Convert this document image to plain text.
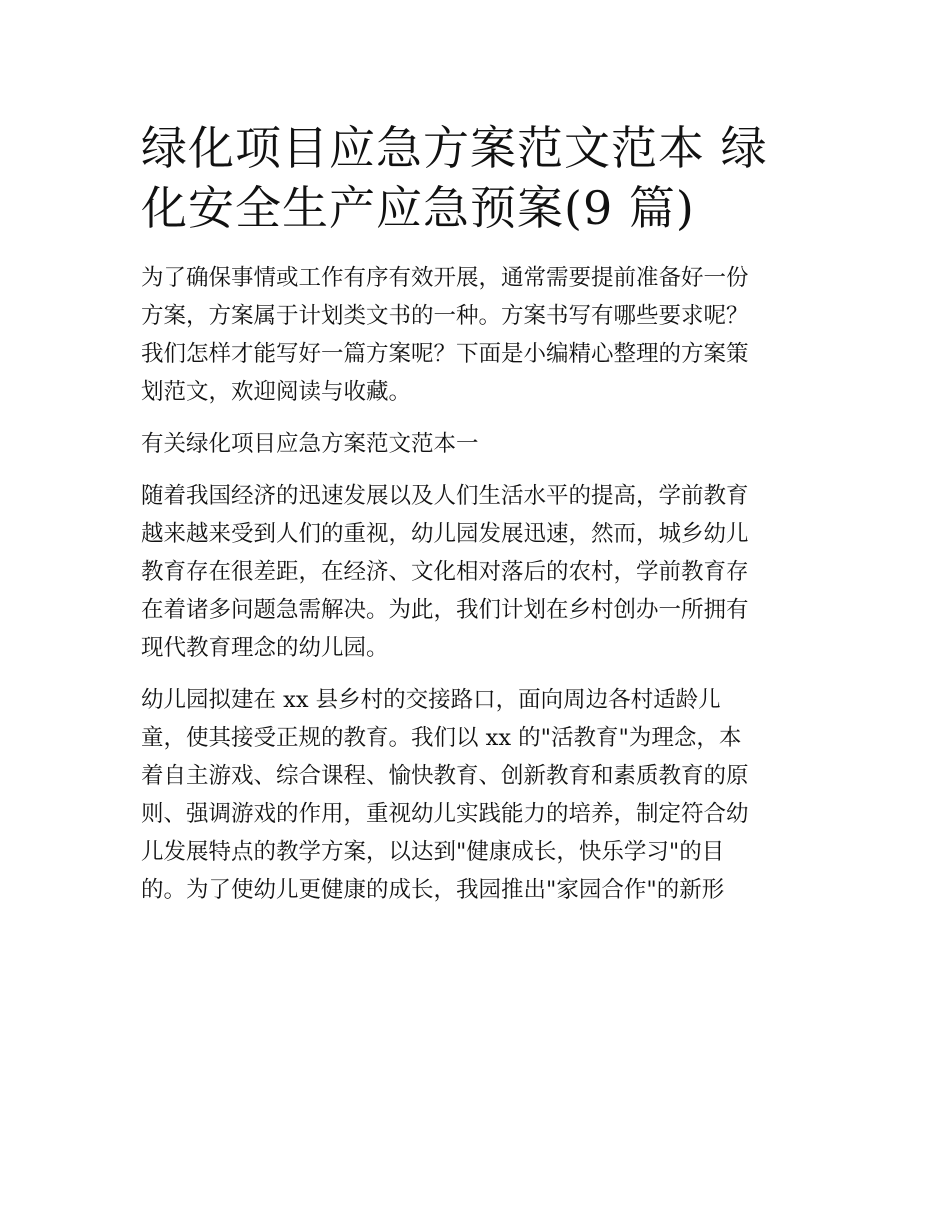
绿化项目应急方案范文范本 绿
化安全生产应急预案(9 篇)

为了确保事情或工作有序有效开展，通常需要提前准备好一份
方案，方案属于计划类文书的一种。方案书写有哪些要求呢？
我们怎样才能写好一篇方案呢？下面是小编精心整理的方案策
划范文，欢迎阅读与收藏。

有关绿化项目应急方案范文范本一

随着我国经济的迅速发展以及人们生活水平的提高，学前教育
越来越来受到人们的重视，幼儿园发展迅速，然而，城乡幼儿
教育存在很差距，在经济、文化相对落后的农村，学前教育存
在着诸多问题急需解决。为此，我们计划在乡村创办一所拥有
现代教育理念的幼儿园。

幼儿园拟建在 xx 县乡村的交接路口，面向周边各村适龄儿
童，使其接受正规的教育。我们以 xx 的"活教育"为理念，本
着自主游戏、综合课程、愉快教育、创新教育和素质教育的原
则、强调游戏的作用，重视幼儿实践能力的培养，制定符合幼
儿发展特点的教学方案，以达到"健康成长，快乐学习"的目
的。为了使幼儿更健康的成长，我园推出"家园合作"的新形
